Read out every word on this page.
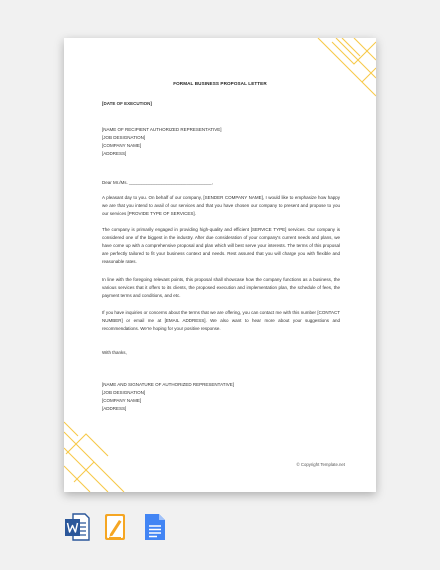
FORMAL BUSINESS PROPOSAL LETTER
[DATE OF EXECUTION]
[NAME OF RECIPIENT AUTHORIZED REPRESENTATIVE]
[JOB DESIGNATION]
[COMPANY NAME]
[ADDRESS]
Dear Mr./Ms. _________________________________,
A pleasant day to you. On behalf of our company, [SENDER COMPANY NAME], I would like to emphasize how happy we are that you intend to avail of our services and that you have chosen our company to present and propose to you our services [PROVIDE TYPE OF SERVICES].
The company is primarily engaged in providing high-quality and efficient [SERVICE TYPE] services. Our company is considered one of the biggest in the industry. After due consideration of your company's current needs and plans, we have come up with a comprehensive proposal and plan which will best serve your interests. The terms of this proposal are perfectly tailored to fit your business context and needs. Rest assured that you will charge you with flexible and reasonable rates.
In line with the foregoing relevant points, this proposal shall showcase how the company functions as a business, the various services that it offers to its clients, the proposed execution and implementation plan, the schedule of fees, the payment terms and conditions, and etc.
If you have inquiries or concerns about the terms that we are offering, you can contact me with this number [CONTACT NUMBER] or email me at [EMAIL ADDRESS]. We also want to hear more about your suggestions and recommendations. We're hoping for your positive response.
With thanks,
[NAME AND SIGNATURE OF AUTHORIZED REPRESENTATIVE]
[JOB DESIGNATION]
[COMPANY NAME]
[ADDRESS]
© Copyright Template.net
